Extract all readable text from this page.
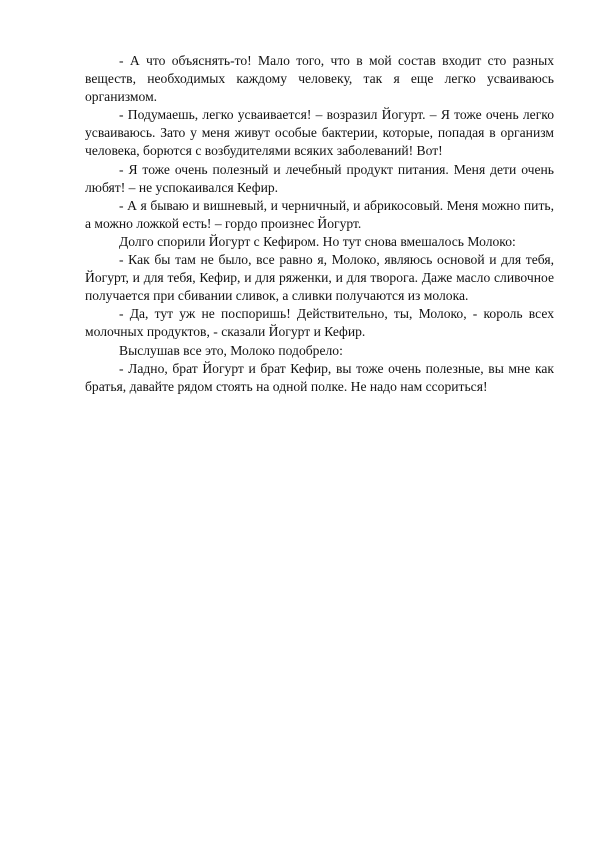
- А что объяснять-то! Мало того, что в мой состав входит сто разных веществ, необходимых каждому человеку, так я еще легко усваиваюсь организмом.

- Подумаешь, легко усваивается! – возразил Йогурт. – Я тоже очень легко усваиваюсь. Зато у меня живут особые бактерии, которые, попадая в организм человека, борются с возбудителями всяких заболеваний! Вот!

- Я тоже очень полезный и лечебный продукт питания. Меня дети очень любят! – не успокаивался Кефир.

- А я бываю и вишневый, и черничный, и абрикосовый. Меня можно пить, а можно ложкой есть! – гордо произнес Йогурт.

Долго спорили Йогурт с Кефиром. Но тут снова вмешалось Молоко:

- Как бы там не было, все равно я, Молоко, являюсь основой и для тебя, Йогурт, и для тебя, Кефир, и для ряженки, и для творога. Даже масло сливочное получается при сбивании сливок, а сливки получаются из молока.

- Да, тут уж не поспоришь! Действительно, ты, Молоко, - король всех молочных продуктов, - сказали Йогурт и Кефир.

Выслушав все это, Молоко подобрело:

- Ладно, брат Йогурт и брат Кефир, вы тоже очень полезные, вы мне как братья, давайте рядом стоять на одной полке. Не надо нам ссориться!
